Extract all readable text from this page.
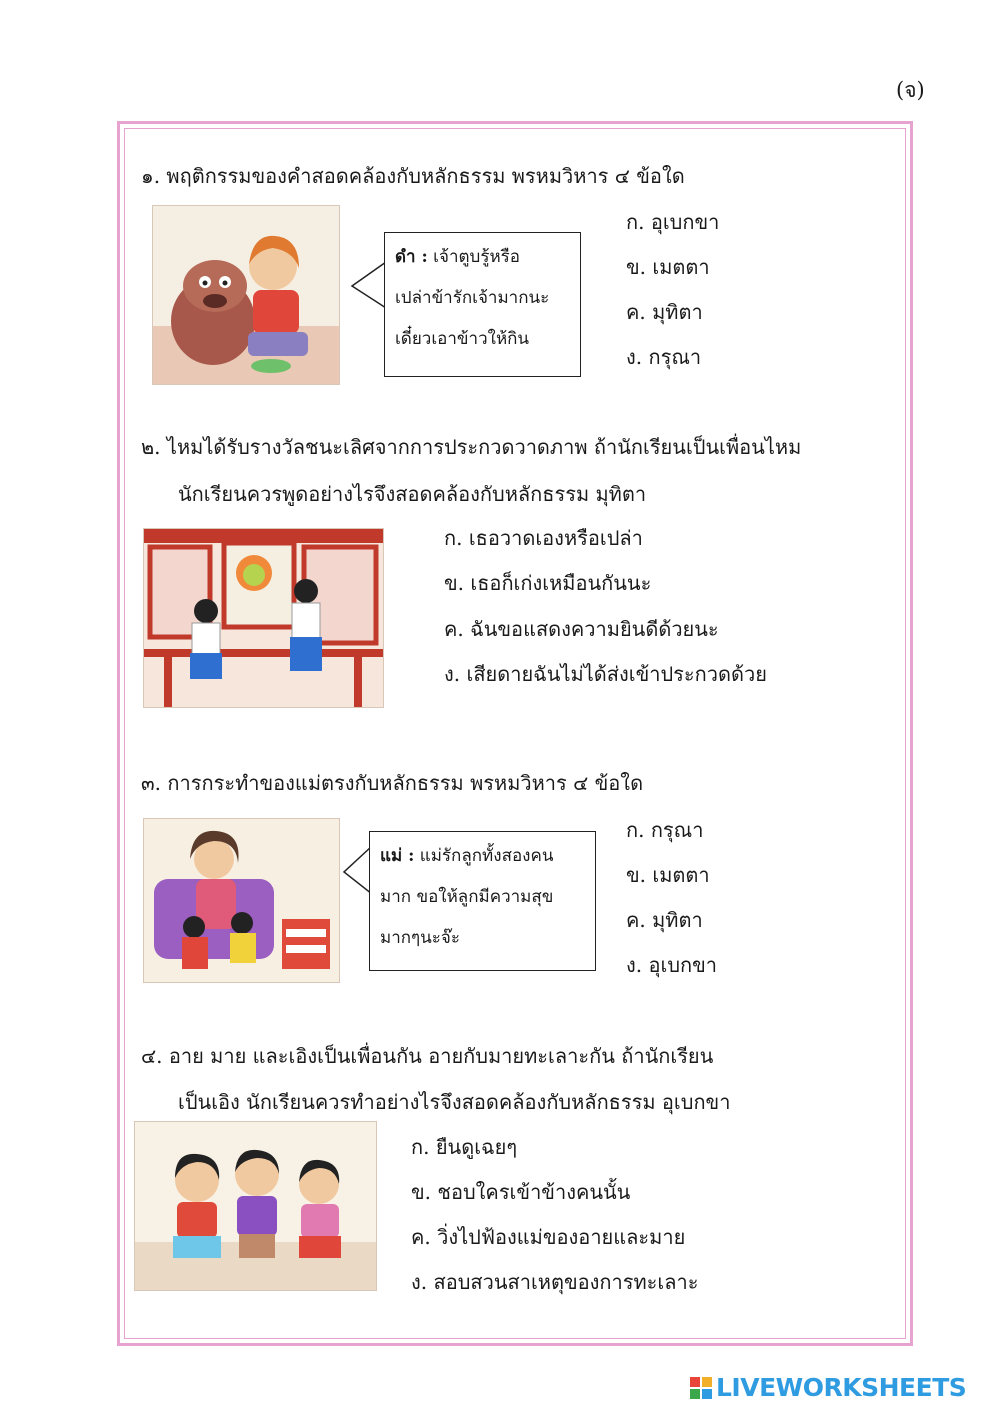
(จ)
๑. พฤติกรรมของคำสอดคล้องกับหลักธรรม พรหมวิหาร ๔ ข้อใด
ดำ : เจ้าตูบรู้หรือ
เปล่าข้ารักเจ้ามากนะ
เดี๋ยวเอาข้าวให้กิน
ก. อุเบกขา
ข. เมตตา
ค. มุทิตา
ง. กรุณา
๒. ไหมได้รับรางวัลชนะเลิศจากการประกวดวาดภาพ ถ้านักเรียนเป็นเพื่อนไหม
นักเรียนควรพูดอย่างไรจึงสอดคล้องกับหลักธรรม มุทิตา
ก. เธอวาดเองหรือเปล่า
ข. เธอก็เก่งเหมือนกันนะ
ค. ฉันขอแสดงความยินดีด้วยนะ
ง. เสียดายฉันไม่ได้ส่งเข้าประกวดด้วย
๓. การกระทำของแม่ตรงกับหลักธรรม พรหมวิหาร ๔ ข้อใด
แม่ : แม่รักลูกทั้งสองคน
มาก ขอให้ลูกมีความสุข
มากๆนะจ๊ะ
ก. กรุณา
ข. เมตตา
ค. มุทิตา
ง. อุเบกขา
๔. อาย มาย และเอิงเป็นเพื่อนกัน อายกับมายทะเลาะกัน ถ้านักเรียน
เป็นเอิง นักเรียนควรทำอย่างไรจึงสอดคล้องกับหลักธรรม อุเบกขา
ก. ยืนดูเฉยๆ
ข. ชอบใครเข้าข้างคนนั้น
ค. วิ่งไปฟ้องแม่ของอายและมาย
ง. สอบสวนสาเหตุของการทะเลาะ
LIVEWORKSHEETS
